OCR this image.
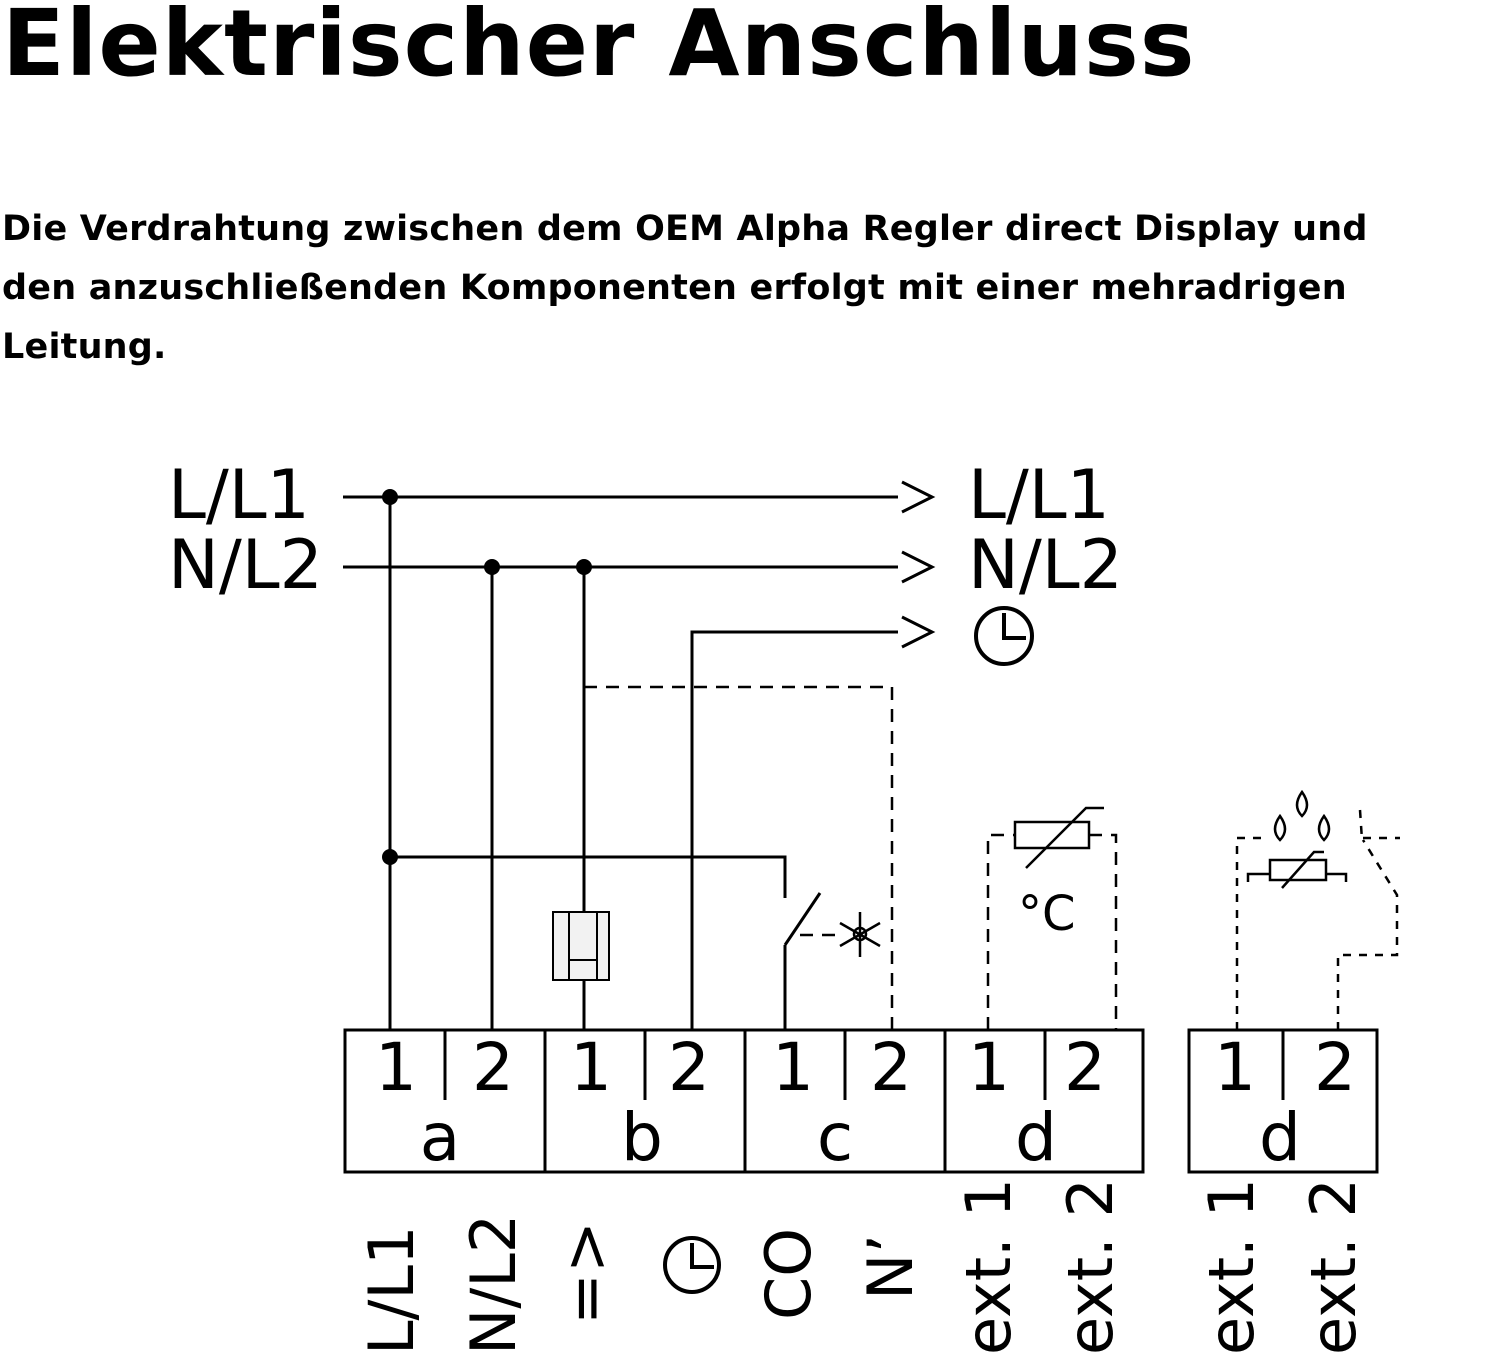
Elektrischer Anschluss
Die Verdrahtung zwischen dem OEM Alpha Regler direct Display und
den anzuschließenden Komponenten erfolgt mit einer mehradrigen
Leitung.
°C
L/L1
N/L2
L/L1
N/L2
1 2 1 2 1 2 1 2 1 2
a b c d	d
L/L1 N/L2 => CO N’ ext. 1 ext. 2 ext. 1 ext. 2
